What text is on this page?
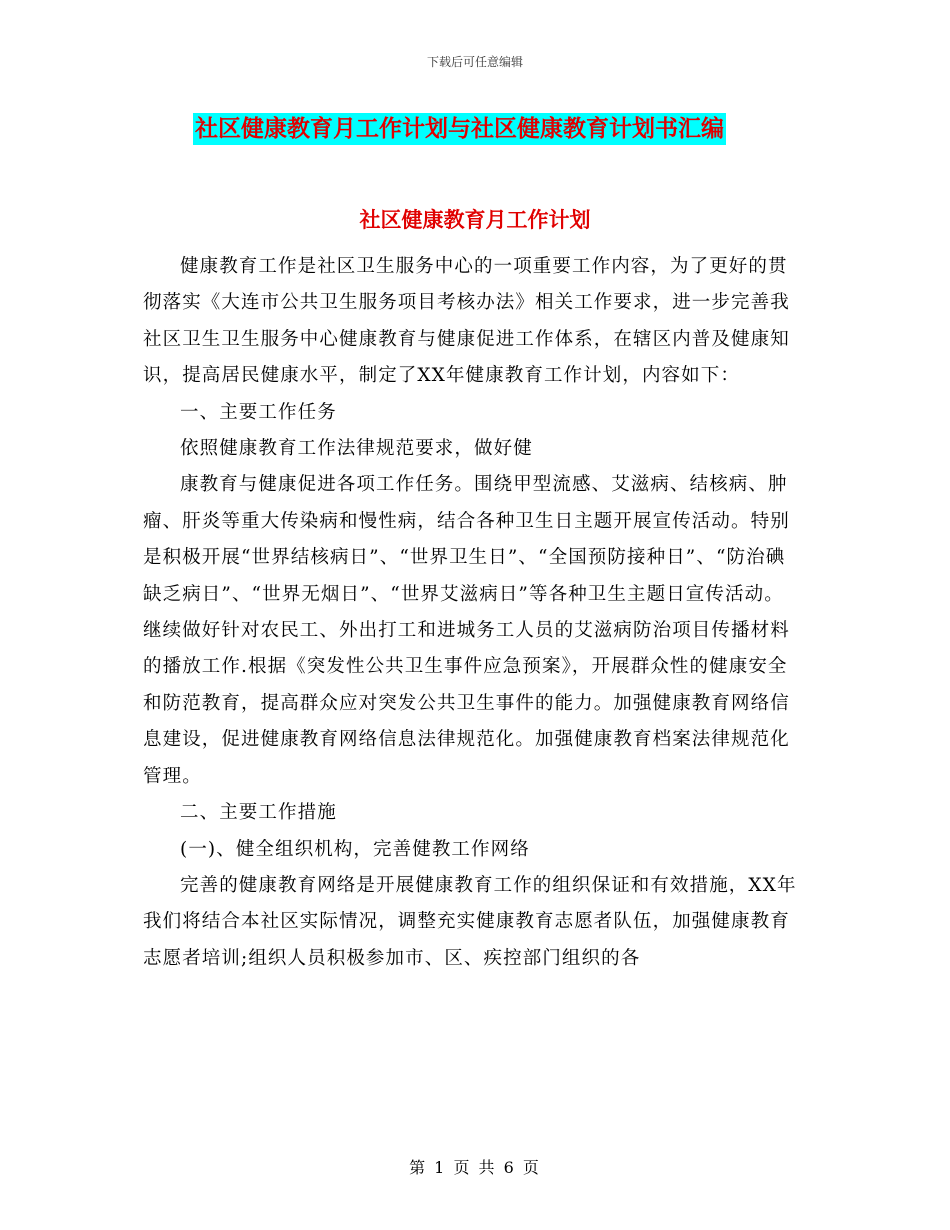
下载后可任意编辑
社区健康教育月工作计划与社区健康教育计划书汇编
社区健康教育月工作计划

健康教育工作是社区卫生服务中心的一项重要工作内容，为了更好的贯彻落实《大连市公共卫生服务项目考核办法》相关工作要求，进一步完善我社区卫生卫生服务中心健康教育与健康促进工作体系，在辖区内普及健康知识，提高居民健康水平，制定了XX年健康教育工作计划，内容如下：

一、主要工作任务

依照健康教育工作法律规范要求，做好健

康教育与健康促进各项工作任务。围绕甲型流感、艾滋病、结核病、肿瘤、肝炎等重大传染病和慢性病，结合各种卫生日主题开展宣传活动。特别是积极开展“世界结核病日”、“世界卫生日”、“全国预防接种日”、“防治碘缺乏病日”、“世界无烟日”、“世界艾滋病日”等各种卫生主题日宣传活动。继续做好针对农民工、外出打工和进城务工人员的艾滋病防治项目传播材料的播放工作.根据《突发性公共卫生事件应急预案》，开展群众性的健康安全和防范教育，提高群众应对突发公共卫生事件的能力。加强健康教育网络信息建设，促进健康教育网络信息法律规范化。加强健康教育档案法律规范化管理。

二、主要工作措施

(一)、健全组织机构，完善健教工作网络

完善的健康教育网络是开展健康教育工作的组织保证和有效措施，XX年我们将结合本社区实际情况，调整充实健康教育志愿者队伍，加强健康教育志愿者培训;组织人员积极参加市、区、疾控部门组织的各

第 1 页 共 6 页
